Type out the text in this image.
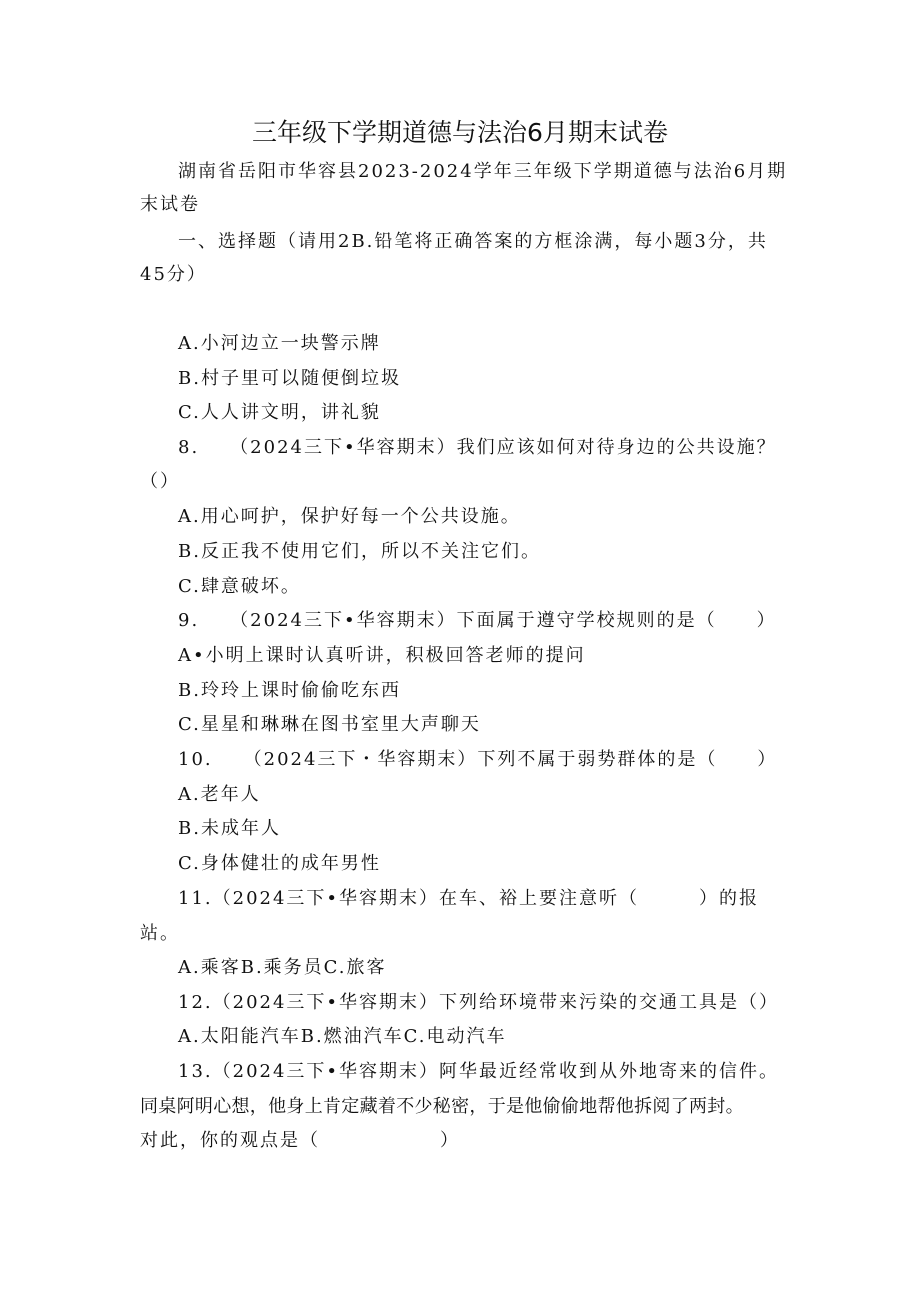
三年级下学期道德与法治6月期末试卷
湖南省岳阳市华容县2023-2024学年三年级下学期道德与法治6月期
末试卷
一、选择题（请用2B.铅笔将正确答案的方框涂满，每小题3分，共
45分）
A.小河边立一块警示牌
B.村子里可以随便倒垃圾
C.人人讲文明，讲礼貌
8.　　（2024三下•华容期末）我们应该如何对待身边的公共设施？
（）
A.用心呵护，保护好每一个公共设施。
B.反正我不使用它们，所以不关注它们。
C.肆意破坏。
9.　　（2024三下•华容期末）下面属于遵守学校规则的是（　　）
A•小明上课时认真听讲，积极回答老师的提问
B.玲玲上课时偷偷吃东西
C.星星和琳琳在图书室里大声聊天
10.　　（2024三下・华容期末）下列不属于弱势群体的是（　　）
A.老年人
B.未成年人
C.身体健壮的成年男性
11.（2024三下•华容期末）在车、裕上要注意听（　　　）的报
站。
A.乘客B.乘务员C.旅客
12.（2024三下•华容期末）下列给环境带来污染的交通工具是（）
A.太阳能汽车B.燃油汽车C.电动汽车
13.（2024三下•华容期末）阿华最近经常收到从外地寄来的信件。
同桌阿明心想，他身上肯定藏着不少秘密，于是他偷偷地帮他拆阅了两封。
对此，你的观点是（　　　　　　）
